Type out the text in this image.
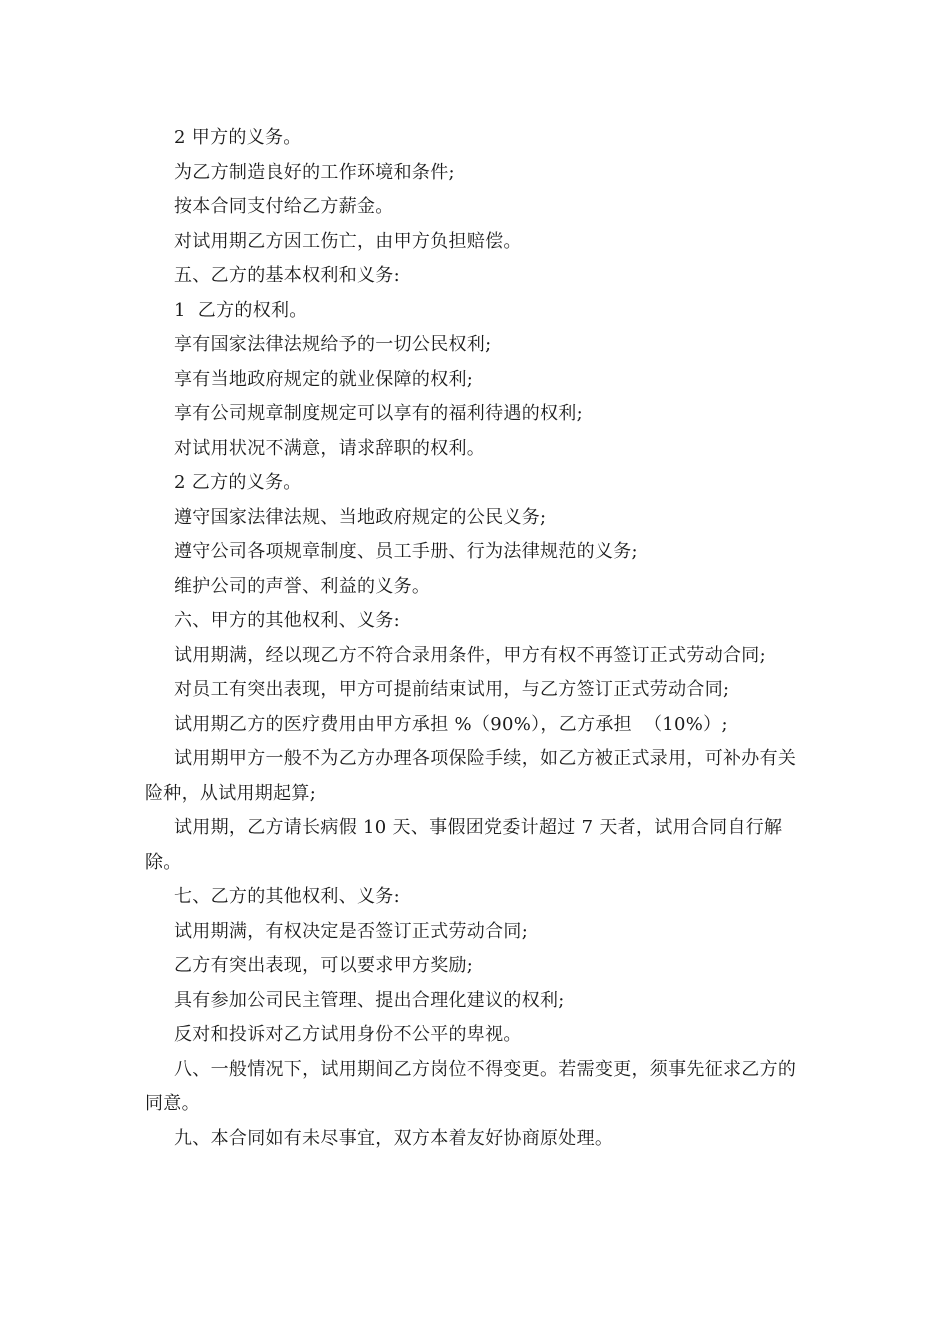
2 甲方的义务。

为乙方制造良好的工作环境和条件;

按本合同支付给乙方薪金。

对试用期乙方因工伤亡，由甲方负担赔偿。

五、乙方的基本权利和义务:

1  乙方的权利。

享有国家法律法规给予的一切公民权利;

享有当地政府规定的就业保障的权利;

享有公司规章制度规定可以享有的福利待遇的权利;

对试用状况不满意，请求辞职的权利。

2 乙方的义务。

遵守国家法律法规、当地政府规定的公民义务;

遵守公司各项规章制度、员工手册、行为法律规范的义务;

维护公司的声誉、利益的义务。

六、甲方的其他权利、义务:

试用期满，经以现乙方不符合录用条件，甲方有权不再签订正式劳动合同;

对员工有突出表现，甲方可提前结束试用，与乙方签订正式劳动合同;

试用期乙方的医疗费用由甲方承担 %（90%），乙方承担  （10%）;

试用期甲方一般不为乙方办理各项保险手续，如乙方被正式录用，可补办有关险种，从试用期起算;

试用期，乙方请长病假 10 天、事假团党委计超过 7 天者，试用合同自行解除。

七、乙方的其他权利、义务:

试用期满，有权决定是否签订正式劳动合同;

乙方有突出表现，可以要求甲方奖励;

具有参加公司民主管理、提出合理化建议的权利;

反对和投诉对乙方试用身份不公平的卑视。

八、一般情况下，试用期间乙方岗位不得变更。若需变更，须事先征求乙方的同意。

九、本合同如有未尽事宜，双方本着友好协商原处理。
